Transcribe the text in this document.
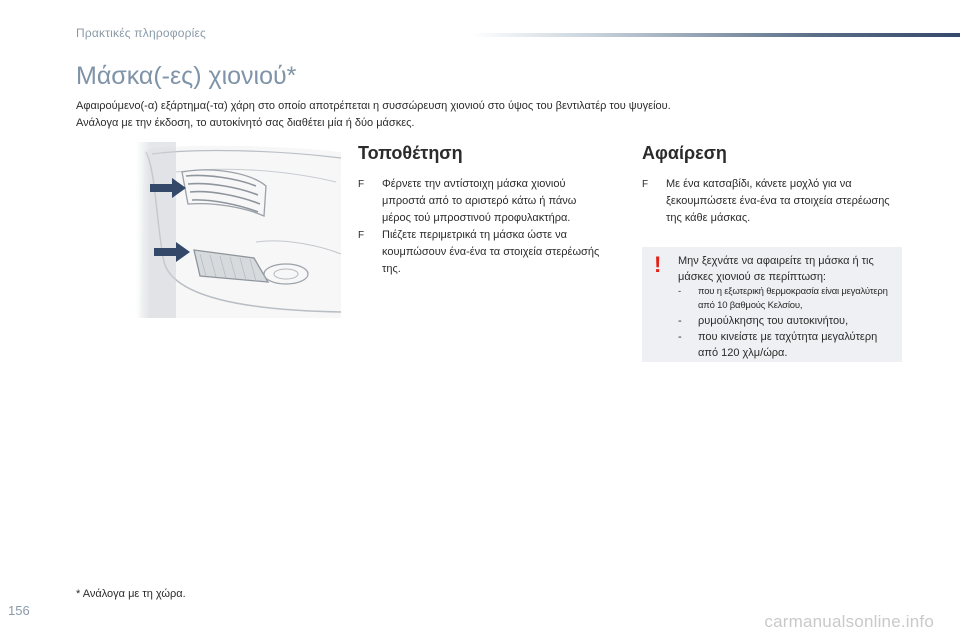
Πρακτικές πληροφορίες
Μάσκα(-ες) χιονιού*

Αφαιρούμενο(-α) εξάρτημα(-τα) χάρη στο οποίο αποτρέπεται η συσσώρευση χιονιού στο ύψος του βεντιλατέρ του ψυγείου.

Ανάλογα με την έκδοση, το αυτοκίνητό σας διαθέτει μία ή δύο μάσκες.

Τοποθέτηση
F Φέρνετε την αντίστοιχη μάσκα χιονιού μπροστά από το αριστερό κάτω ή πάνω μέρος τού μπροστινού προφυλακτήρα.
F Πιέζετε περιμετρικά τη μάσκα ώστε να κουμπώσουν ένα-ένα τα στοιχεία στερέωσής της.
Αφαίρεση
F Με ένα κατσαβίδι, κάνετε μοχλό για να ξεκουμπώσετε ένα-ένα τα στοιχεία στερέωσης της κάθε μάσκας.
! Μην ξεχνάτε να αφαιρείτε τη μάσκα ή τις μάσκες χιονιού σε περίπτωση:

- που η εξωτερική θερμοκρασία είναι μεγαλύτερη από 10 βαθμούς Κελσίου,
- ρυμούλκησης του αυτοκινήτου,
- που κινείστε με ταχύτητα μεγαλύτερη από 120 χλμ/ώρα.
* Ανάλογα με τη χώρα.
156
carmanualsonline.info
